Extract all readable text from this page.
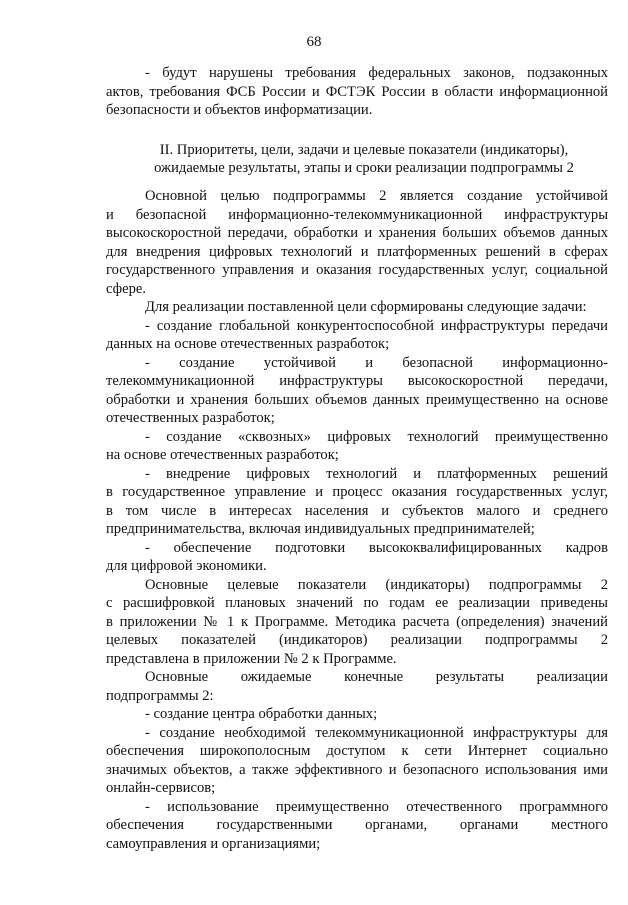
68
- будут нарушены требования федеральных законов, подзаконных
актов, требования ФСБ России и ФСТЭК России в области информационной
безопасности и объектов информатизации.
II. Приоритеты, цели, задачи и целевые показатели (индикаторы),
ожидаемые результаты, этапы и сроки реализации подпрограммы 2
Основной целью подпрограммы 2 является создание устойчивой
и безопасной информационно-телекоммуникационной инфраструктуры
высокоскоростной передачи, обработки и хранения больших объемов данных
для внедрения цифровых технологий и платформенных решений в сферах
государственного управления и оказания государственных услуг, социальной
сфере.
Для реализации поставленной цели сформированы следующие задачи:
- создание глобальной конкурентоспособной инфраструктуры передачи
данных на основе отечественных разработок;
- создание устойчивой и безопасной информационно-
телекоммуникационной инфраструктуры высокоскоростной передачи,
обработки и хранения больших объемов данных преимущественно на основе
отечественных разработок;
- создание «сквозных» цифровых технологий преимущественно
на основе отечественных разработок;
- внедрение цифровых технологий и платформенных решений
в государственное управление и процесс оказания государственных услуг,
в том числе в интересах населения и субъектов малого и среднего
предпринимательства, включая индивидуальных предпринимателей;
- обеспечение подготовки высококвалифицированных кадров
для цифровой экономики.
Основные целевые показатели (индикаторы) подпрограммы 2
с расшифровкой плановых значений по годам ее реализации приведены
в приложении № 1 к Программе. Методика расчета (определения) значений
целевых показателей (индикаторов) реализации подпрограммы 2
представлена в приложении № 2 к Программе.
Основные ожидаемые конечные результаты реализации
подпрограммы 2:
- создание центра обработки данных;
- создание необходимой телекоммуникационной инфраструктуры для
обеспечения широкополосным доступом к сети Интернет социально
значимых объектов, а также эффективного и безопасного использования ими
онлайн-сервисов;
- использование преимущественно отечественного программного
обеспечения государственными органами, органами местного
самоуправления и организациями;
